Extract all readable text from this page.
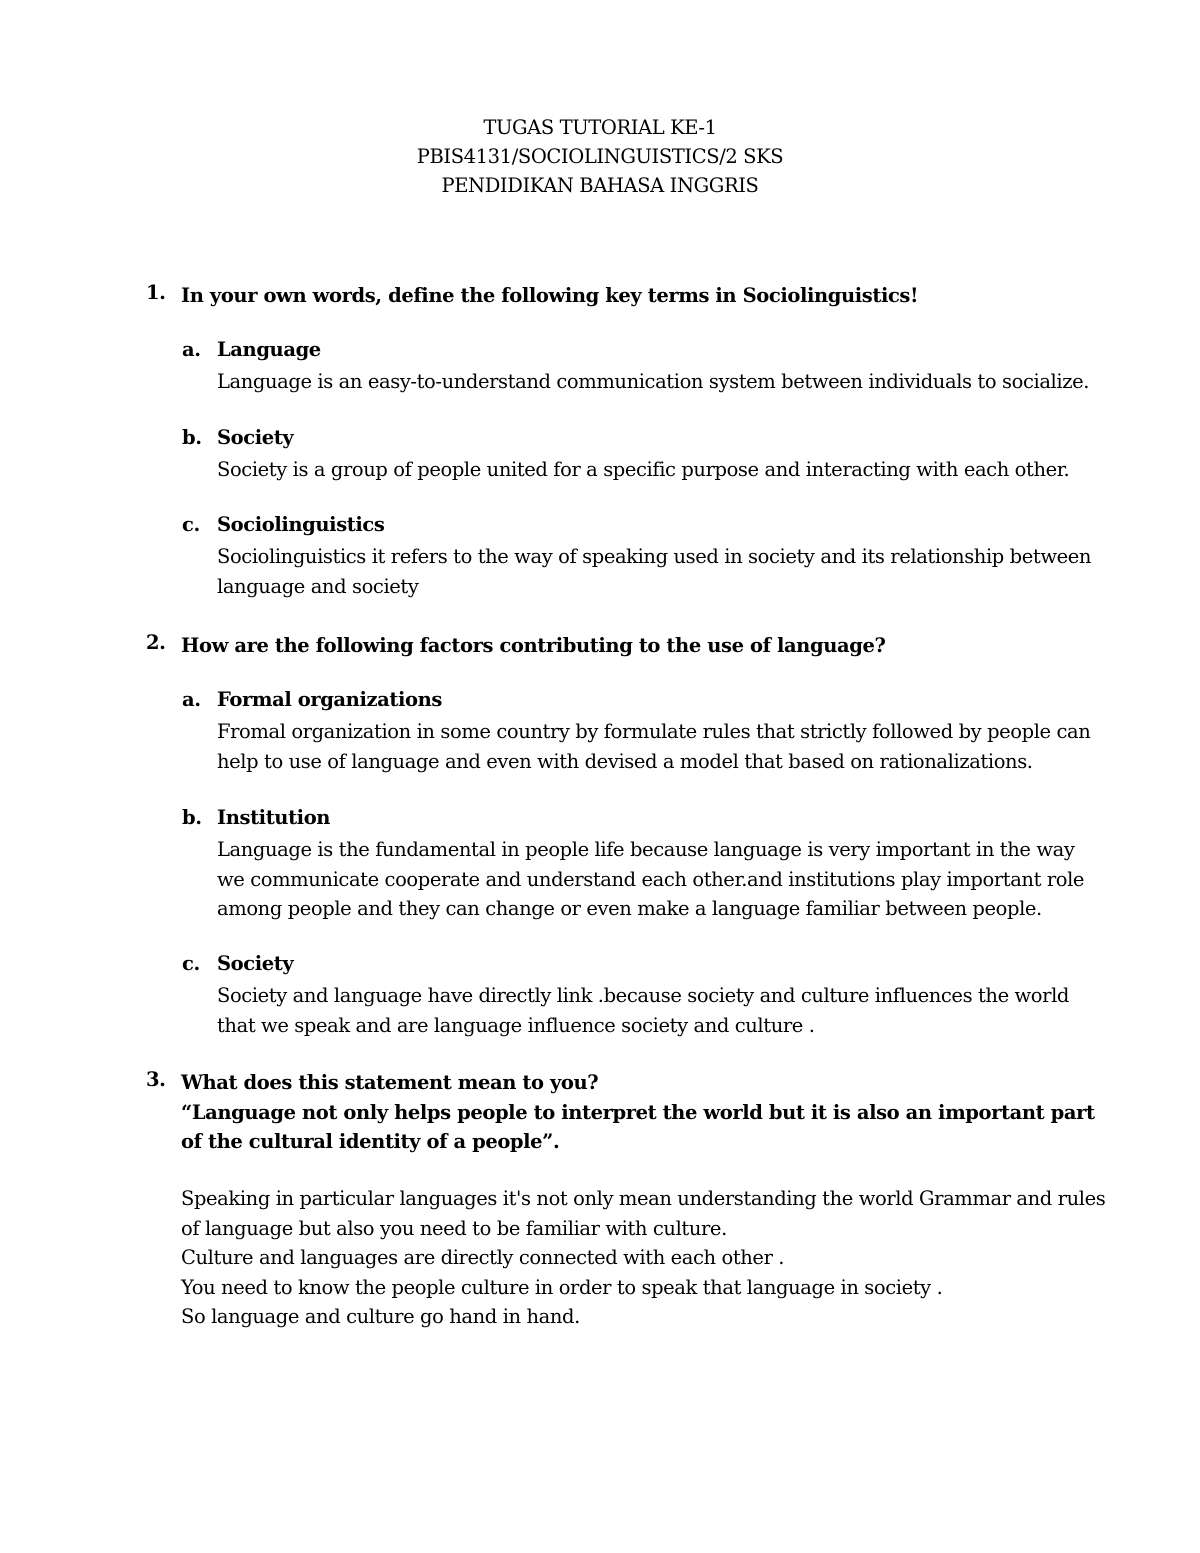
TUGAS TUTORIAL KE-1
PBIS4131/SOCIOLINGUISTICS/2 SKS
PENDIDIKAN BAHASA INGGRIS
1. In your own words, define the following key terms in Sociolinguistics!
a. Language
Language is an easy-to-understand communication system between individuals to socialize.
b. Society
Society is a group of people united for a specific purpose and interacting with each other.
c. Sociolinguistics
Sociolinguistics it refers to the way of speaking used in society and its relationship between language and society
2. How are the following factors contributing to the use of language?
a. Formal organizations
Fromal organization in some country by formulate rules that strictly followed by people can help to use of language and even with devised a model that based on rationalizations.
b. Institution
Language is the fundamental in people life because language is very important in the way we communicate cooperate and understand each other.and institutions play important role among people and they can change or even make a language familiar between people.
c. Society
Society and language have directly link .because society and culture influences the world that we speak and are language influence society and culture .
3. What does this statement mean to you?
“Language not only helps people to interpret the world but it is also an important part of the cultural identity of a people”.
Speaking in particular languages it's not only mean understanding the world Grammar and rules
of language but also you need to be familiar with culture.
Culture and languages are directly connected with each other .
You need to know the people culture in order to speak that language in society .
So language and culture go hand in hand.
